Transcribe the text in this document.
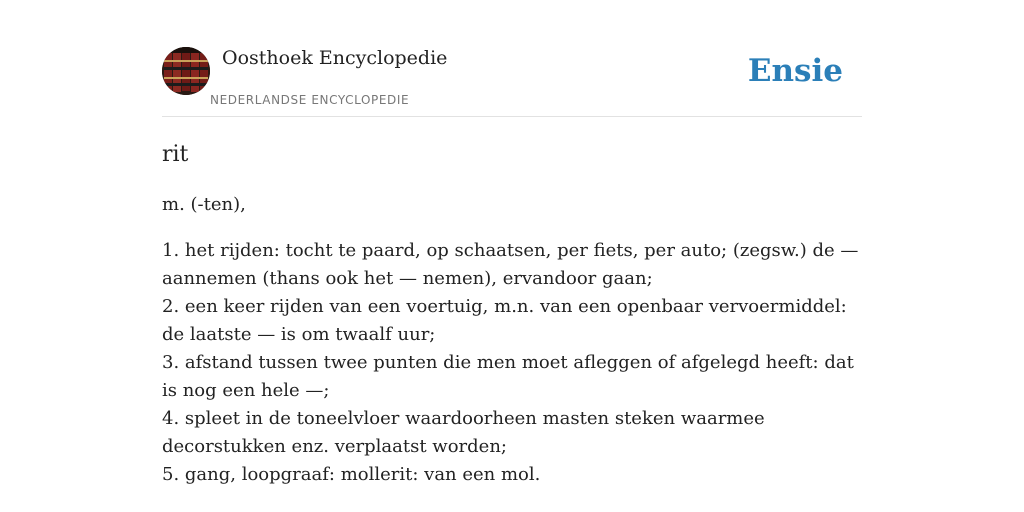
Oosthoek Encyclopedie
NEDERLANDSE ENCYCLOPEDIE
Ensie
rit

m. (-ten),

1. het rijden: tocht te paard, op schaatsen, per fiets, per auto; (zegsw.) de — aannemen (thans ook het — nemen), ervandoor gaan;
2. een keer rijden van een voertuig, m.n. van een openbaar vervoermiddel: de laatste — is om twaalf uur;
3. afstand tussen twee punten die men moet afleggen of afgelegd heeft: dat is nog een hele —;
4. spleet in de toneelvloer waardoorheen masten steken waarmee decorstukken enz. verplaatst worden;
5. gang, loopgraaf: mollerit: van een mol.
